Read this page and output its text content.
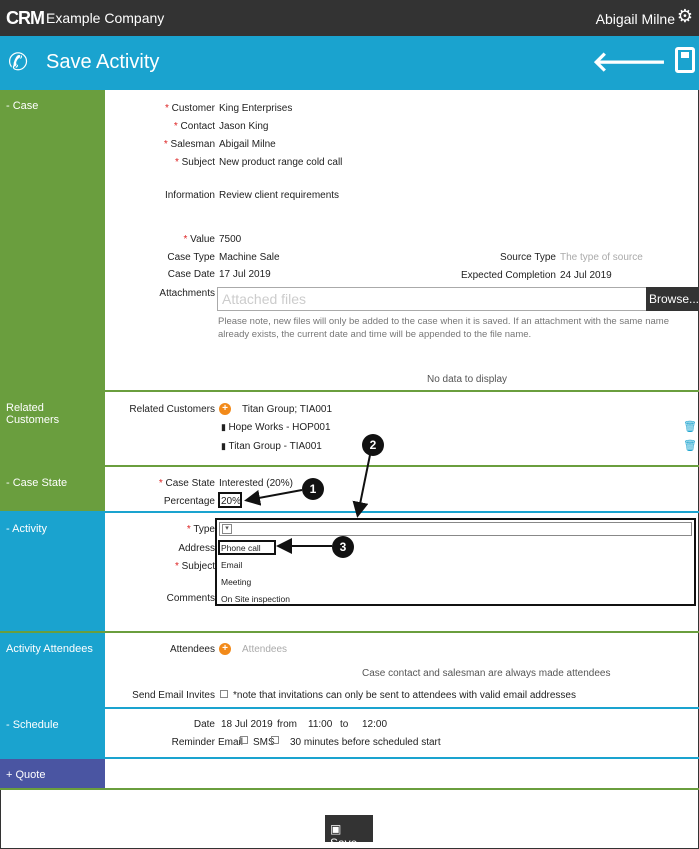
CRM Example Company	Abigail Milne ⚙
✆ Save Activity	🡐
- Case	* Customer King Enterprises
* Contact Jason King
* Salesman Abigail Milne
* Subject New product range cold call
Information Review client requirements
* Value 7500
Case Type Machine Sale
Case Date 17 Jul 2019
Source Type The type of source
Expected Completion 24 Jul 2019
Attachments Attached files	Browse...
Please note, new files will only be added to the case when it is saved. If an attachment with the same name already exists, the current date and time will be appended to the file name.
No data to display
Related Customers
Related Customers +	Titan Group; TIA001
▮ Hope Works - HOP001
▮ Titan Group - TIA001
🗑
🗑
- Case State	* Case State Interested (20%)
Percentage 20%
- Activity	* Type
Address
* Subject
Comments
▾
Phone call
Email
Meeting
On Site inspection
Activity Attendees	Attendees +	Attendees
Case contact and salesman are always made attendees
Send Email Invites *note that invitations can only be sent to attendees with valid email addresses
- Schedule	Date 18 Jul 2019 from 11:00 to 12:00
Reminder Email SMS 30 minutes before scheduled start
+ Quote
▣ Save
1
2
3
